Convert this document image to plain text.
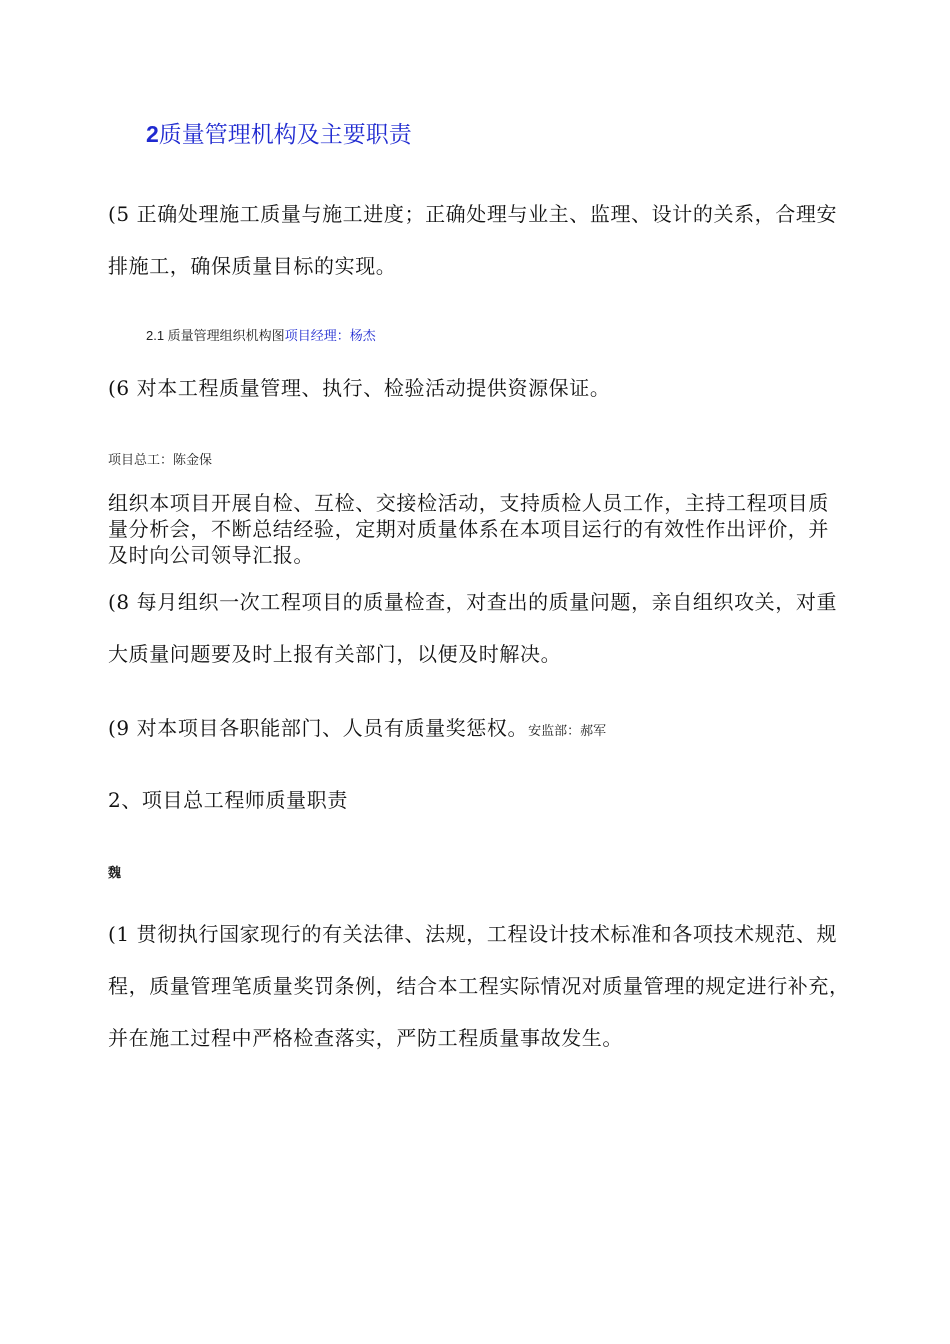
2质量管理机构及主要职责

(5 正确处理施工质量与施工进度；正确处理与业主、监理、设计的关系，合理安

排施工，确保质量目标的实现。

2.1 质量管理组织机构图项目经理：杨杰

(6 对本工程质量管理、执行、检验活动提供资源保证。

项目总工：陈金保

组织本项目开展自检、互检、交接检活动，支持质检人员工作，主持工程项目质

量分析会，不断总结经验，定期对质量体系在本项目运行的有效性作出评价，并

及时向公司领导汇报。

(8 每月组织一次工程项目的质量检查，对查出的质量问题，亲自组织攻关，对重

大质量问题要及时上报有关部门，以便及时解决。

(9 对本项目各职能部门、人员有质量奖惩权。安监部：郝军

2、项目总工程师质量职责

魏

(1 贯彻执行国家现行的有关法律、法规，工程设计技术标准和各项技术规范、规

程，质量管理笔质量奖罚条例，结合本工程实际情况对质量管理的规定进行补充，

并在施工过程中严格检查落实，严防工程质量事故发生。
